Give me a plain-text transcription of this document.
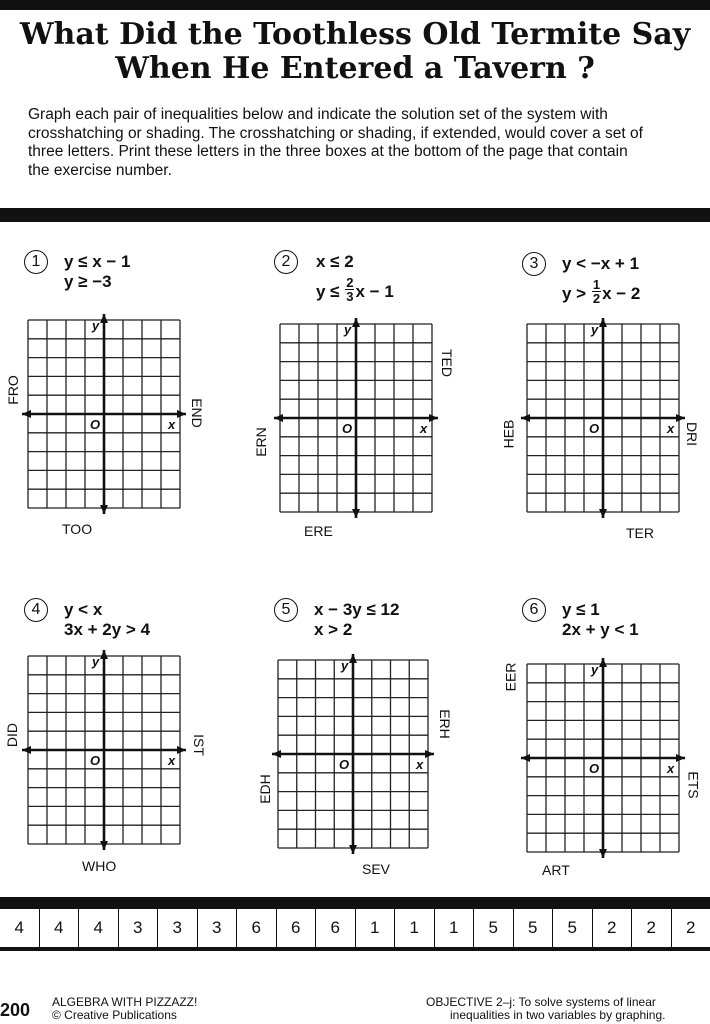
What Did the Toothless Old Termite Say
When He Entered a Tavern ?

Graph each pair of inequalities below and indicate the solution set of the system with crosshatching or shading. The crosshatching or shading, if extended, would cover a set of three letters. Print these letters in the three boxes at the bottom of the page that contain the exercise number.

1	y ≤ x − 1
y ≥ −3
x
y
O
FRO
END
TOO
2	x ≤ 2
$y \le \frac{2}{3}$ x − 1
x
y
O
ERN
TED
ERE
3	y < −x + 1
$y > \frac{1}{2}$ x − 2
x
y
O
HEB	DRI
TER
4	y < x
3x + 2y > 4
x
y
O
DID	IST
WHO
5	x − 3y ≤ 12
x > 2
x
y
O
EDH
ERH
SEV
6	y ≤ 1
2x + y < 1
x
y
O
EER
ETS
ART
4	4	4	3	3	3	6	6	6	1	1	1	5	5	5	2	2	2
200 ALGEBRA WITH PIZZAZZ!
© Creative Publications
OBJECTIVE 2–j: To solve systems of linear
inequalities in two variables by graphing.
